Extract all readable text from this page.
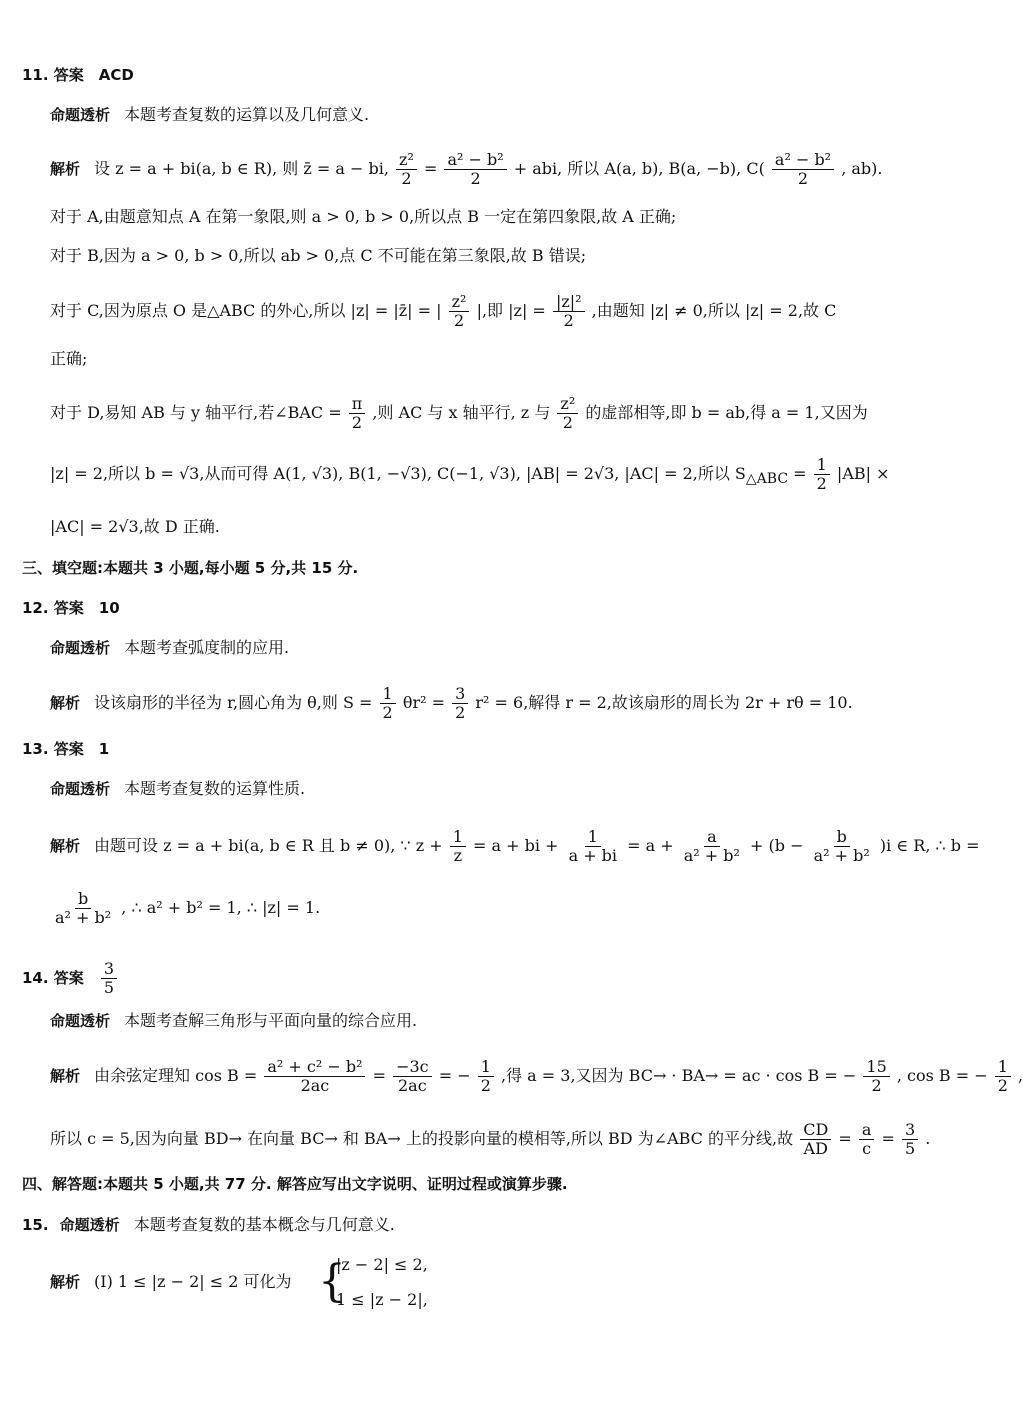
11. 答案　ACD
命题透析 本题考查复数的运算以及几何意义.
解析 设 z = a + bi(a, b ∈ R), 则 z̄ = a − bi, $\frac{\text{z²}}{2} = \frac{\text{a² − b²}}{2}$ + abi, 所以 A(a, b), B(a, −b), $C( \frac{\text{a² − b²}}{2}$ , ab).
对于 A,由题意知点 A 在第一象限,则 a > 0, b > 0,所以点 B 一定在第四象限,故 A 正确;
对于 B,因为 a > 0, b > 0,所以 ab > 0,点 C 不可能在第三象限,故 B 错误;
对于 C,因为原点 O 是△ABC 的外心,所以 |z| = |z̄| = | $\frac{\text{z²}}{2}$ |,即 $|z| = \frac{\text{|z|²}}{2}$ ,由题知 |z| ≠ 0,所以 |z| = 2,故 C
正确;
对于 D,易知 AB 与 y 轴平行,若∠BAC = $\frac{\pi}{2}$ ,则 AC 与 x 轴平行, z 与 $\frac{\text{z²}}{2}$ 的虚部相等,即 b = ab,得 a = 1,又因为
|z| = 2,所以 b = √3,从而可得 A(1, √3), B(1, −√3), C(−1, √3), |AB| = 2√3, |AC| = 2,所以 $S_{\triangle ABC} = \frac{1}{2} |AB|$ ×
|AC| = 2√3,故 D 正确.
三、填空题:本题共 3 小题,每小题 5 分,共 15 分.
12. 答案　10
命题透析 本题考查弧度制的应用.
解析 设该扇形的半径为 r,圆心角为 θ,则 $S = \frac{1}{2} \theta r^2 = \frac{3}{2} r^2 = 6$,解得 r = 2,故该扇形的周长为 2r + rθ = 10.
13. 答案　1
命题透析 本题考查复数的运算性质.
解析 由题可设 z = a + bi(a, b ∈ R 且 b ≠ 0), ∵ $z + \frac{1}{z} = a$ + bi + $\frac{1}{a + bi} = a + \frac{a}{\text{a² + b²}} + (b - \frac{b}{\text{a² + b²}} )i$ ∈ R, ∴ b =
$\frac{b}{\text{a² + b²}}$ , ∴ a² + b² = 1, ∴ |z| = 1.
14. 答案 $\frac{3}{5}$
命题透析 本题考查解三角形与平面向量的综合应用.
解析 由余弦定理知 $\cos B = \frac{\text{a² + c² − b²}}{2ac} = \frac{-3c}{2ac}$ = − $\frac{1}{2}$ ,得 a = 3,又因为 BC→ · BA→ = ac · cos B = − $\frac{15}{2}$ , cos B = − $\frac{1}{2}$ ,
所以 c = 5,因为向量 BD→ 在向量 BC→ 和 BA→ 上的投影向量的模相等,所以 BD 为∠ABC 的平分线,故 $\frac{CD}{AD} = \frac{a}{c} = \frac{3}{5}$ .
四、解答题:本题共 5 小题,共 77 分. 解答应写出文字说明、证明过程或演算步骤.
15. 命题透析 本题考查复数的基本概念与几何意义.
解析 (Ⅰ) 1 ≤ |z − 2| ≤ 2 可化为 {
|z − 2| ≤ 2,
1 ≤ |z − 2|,
